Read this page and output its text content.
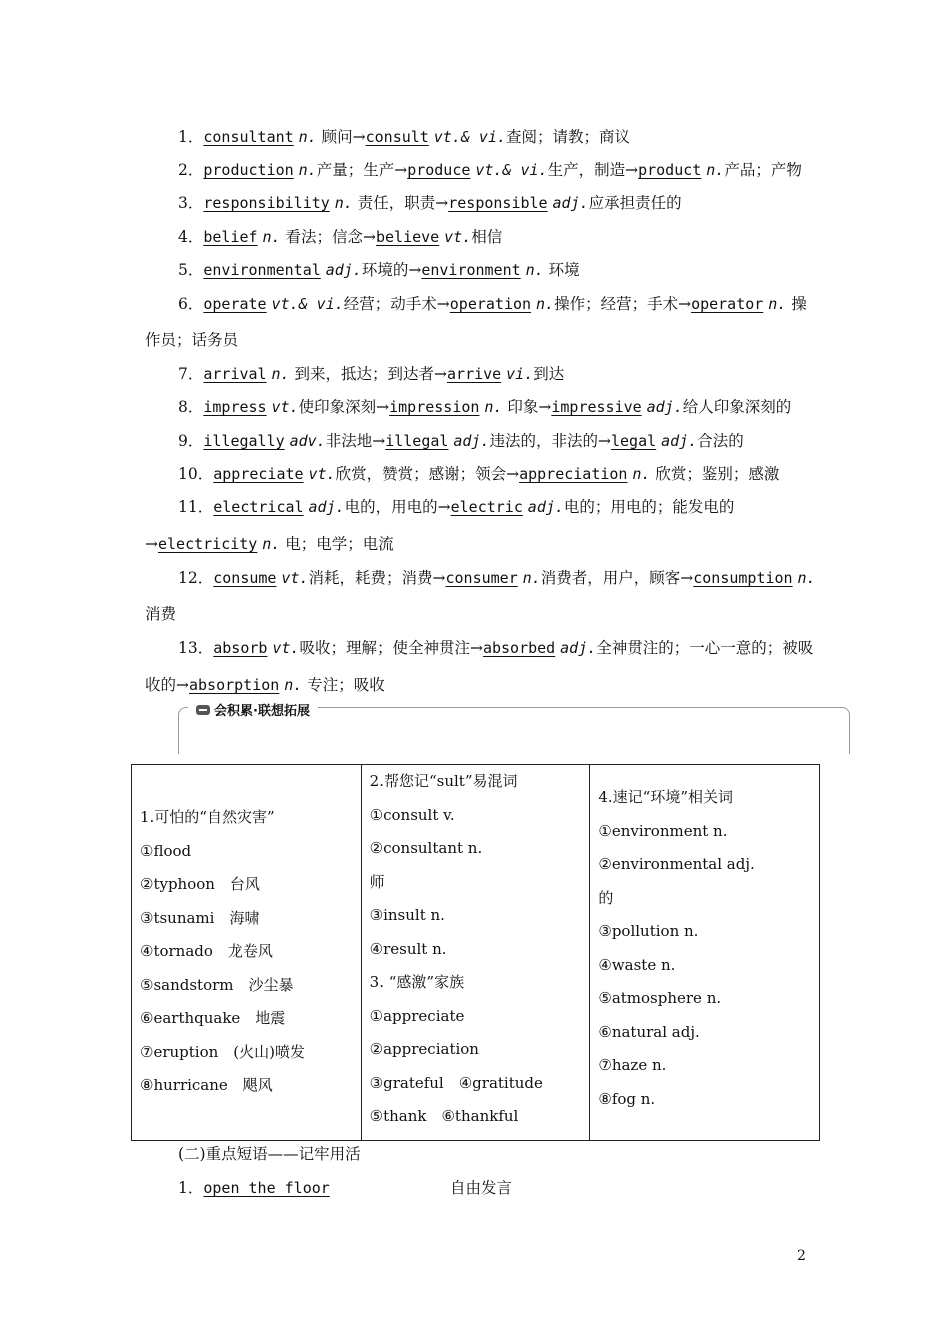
1．consultant n. 顾问→consult vt.& vi.查阅；请教；商议
2．production n.产量；生产→produce vt.& vi.生产，制造→product n.产品；产物
3．responsibility n. 责任，职责→responsible adj.应承担责任的
4．belief n. 看法；信念→believe vt.相信
5．environmental adj.环境的→environment n. 环境
6．operate vt.& vi.经营；动手术→operation n.操作；经营；手术→operator n. 操
作员；话务员
7．arrival n. 到来，抵达；到达者→arrive vi.到达
8．impress vt.使印象深刻→impression n. 印象→impressive adj.给人印象深刻的
9．illegally adv.非法地→illegal adj.违法的，非法的→legal adj.合法的
10．appreciate vt.欣赏，赞赏；感谢；领会→appreciation n. 欣赏；鉴别；感激
11．electrical adj.电的，用电的→electric adj.电的；用电的；能发电的
→electricity n. 电；电学；电流
12．consume vt.消耗，耗费；消费→consumer n.消费者，用户，顾客→consumption n.
消费
13．absorb vt.吸收；理解；使全神贯注→absorbed adj.全神贯注的；一心一意的；被吸
收的→absorption n. 专注；吸收
会积累·联想拓展
1.可怕的“自然灾害”
①flood
②typhoon　台风
③tsunami　海啸
④tornado　龙卷风
⑤sandstorm　沙尘暴
⑥earthquake　地震
⑦eruption　(火山)喷发
⑧hurricane　飓风

2.帮您记“sult”易混词
①consult v.
②consultant n.
师
③insult n.
④result n.
3. “感激”家族
①appreciate
②appreciation
③grateful　④gratitude
⑤thank　⑥thankful

4.速记“环境”相关词
①environment n.
②environmental adj.
的
③pollution n.
④waste n.
⑤atmosphere n.
⑥natural adj.
⑦haze n.
⑧fog n.
(二)重点短语——记牢用活
1．open the floor	自由发言
2
